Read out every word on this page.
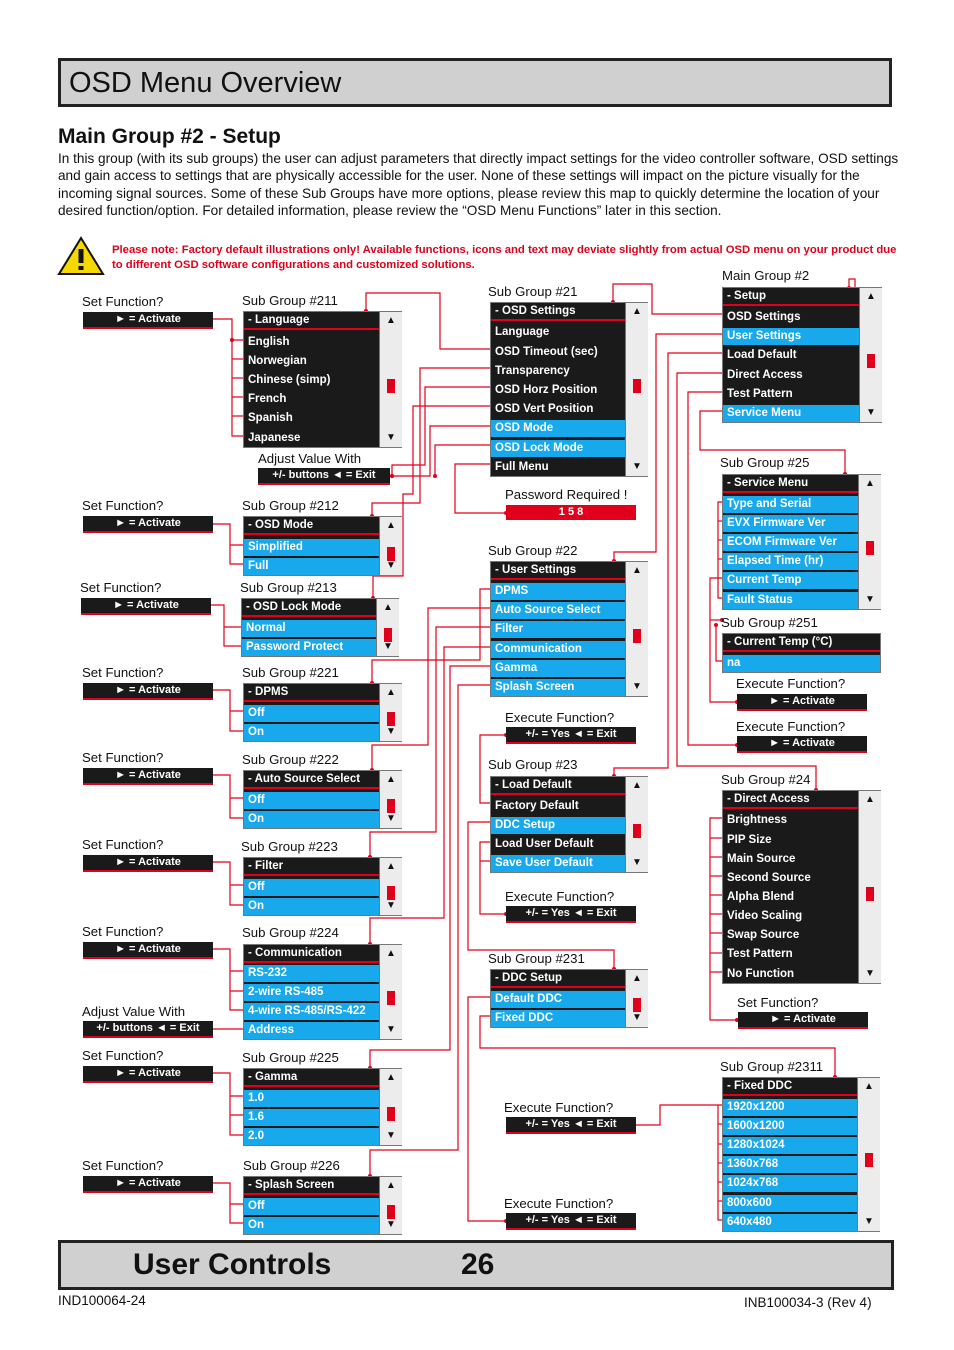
OSD Menu Overview
Main Group #2 - Setup
In this group (with its sub groups) the user can adjust parameters that directly impact settings for the video controller software, OSD settings and gain access to settings that are physically accessible for the user. None of these settings will impact on the picture visually for the incoming signal sources. Some of these Sub Groups have more options, please review this map to quickly determine the location of your desired function/option. For detailed information, please review the “OSD Menu Functions” later in this section.
Please note: Factory default illustrations only! Available functions, icons and text may deviate slightly from actual OSD menu on your product due to different OSD software configurations and customized solutions.
Main Group #2
- Setup
OSD Settings
User Settings
Load Default
Direct Access
Test Pattern
Service Menu
▲
▼
Sub Group #21
- OSD Settings
Language
OSD Timeout (sec)
Transparency
OSD Horz Position
OSD Vert Position
OSD Mode
OSD Lock Mode
Full Menu
▲
▼
Sub Group #211
- Language
English
Norwegian
Chinese (simp)
French
Spanish
Japanese
▲
▼
Sub Group #212
- OSD Mode
Simplified
Full
▲
▼
Sub Group #213
- OSD Lock Mode
Normal
Password Protect
▲
▼
Sub Group #22
- User Settings
DPMS
Auto Source Select
Filter
Communication
Gamma
Splash Screen
▲
▼
Sub Group #221
- DPMS
Off
On
▲
▼
Sub Group #222
- Auto Source Select
Off
On
▲
▼
Sub Group #223
- Filter
Off
On
▲
▼
Sub Group #224
- Communication
RS-232
2-wire RS-485
4-wire RS-485/RS-422
Address
▲
▼
Sub Group #225
- Gamma
1.0
1.6
2.0
▲
▼
Sub Group #226
- Splash Screen
Off
On
▲
▼
Sub Group #23
- Load Default
Factory Default
DDC Setup
Load User Default
Save User Default
▲
▼
Sub Group #231
- DDC Setup
Default DDC
Fixed DDC
▲
▼
Sub Group #2311
- Fixed DDC
1920x1200
1600x1200
1280x1024
1360x768
1024x768
800x600
640x480
▲
▼
Sub Group #25
- Service Menu
Type and Serial
EVX Firmware Ver
ECOM Firmware Ver
Elapsed Time (hr)
Current Temp
Fault Status
▲
▼
Sub Group #251
- Current Temp (°C)
na
Sub Group #24
- Direct Access
Brightness
PIP Size
Main Source
Second Source
Alpha Blend
Video Scaling
Swap Source
Test Pattern
No Function
▲
▼
Set Function?
► = Activate
Adjust Value With
+/- buttons ◄ = Exit
Set Function?
► = Activate
Set Function?
► = Activate
Set Function?
► = Activate
Set Function?
► = Activate
Set Function?
► = Activate
Set Function?
► = Activate
Adjust Value With
+/- buttons ◄ = Exit
Set Function?
► = Activate
Set Function?
► = Activate
Password Required !
1 5 8
Execute Function?
+/- = Yes ◄ = Exit
Execute Function?
+/- = Yes ◄ = Exit
Execute Function?
+/- = Yes ◄ = Exit
Execute Function?
+/- = Yes ◄ = Exit
Execute Function?
► = Activate
Execute Function?
► = Activate
Set Function?
► = Activate
User Controls	26
IND100064-24	INB100034-3 (Rev 4)
